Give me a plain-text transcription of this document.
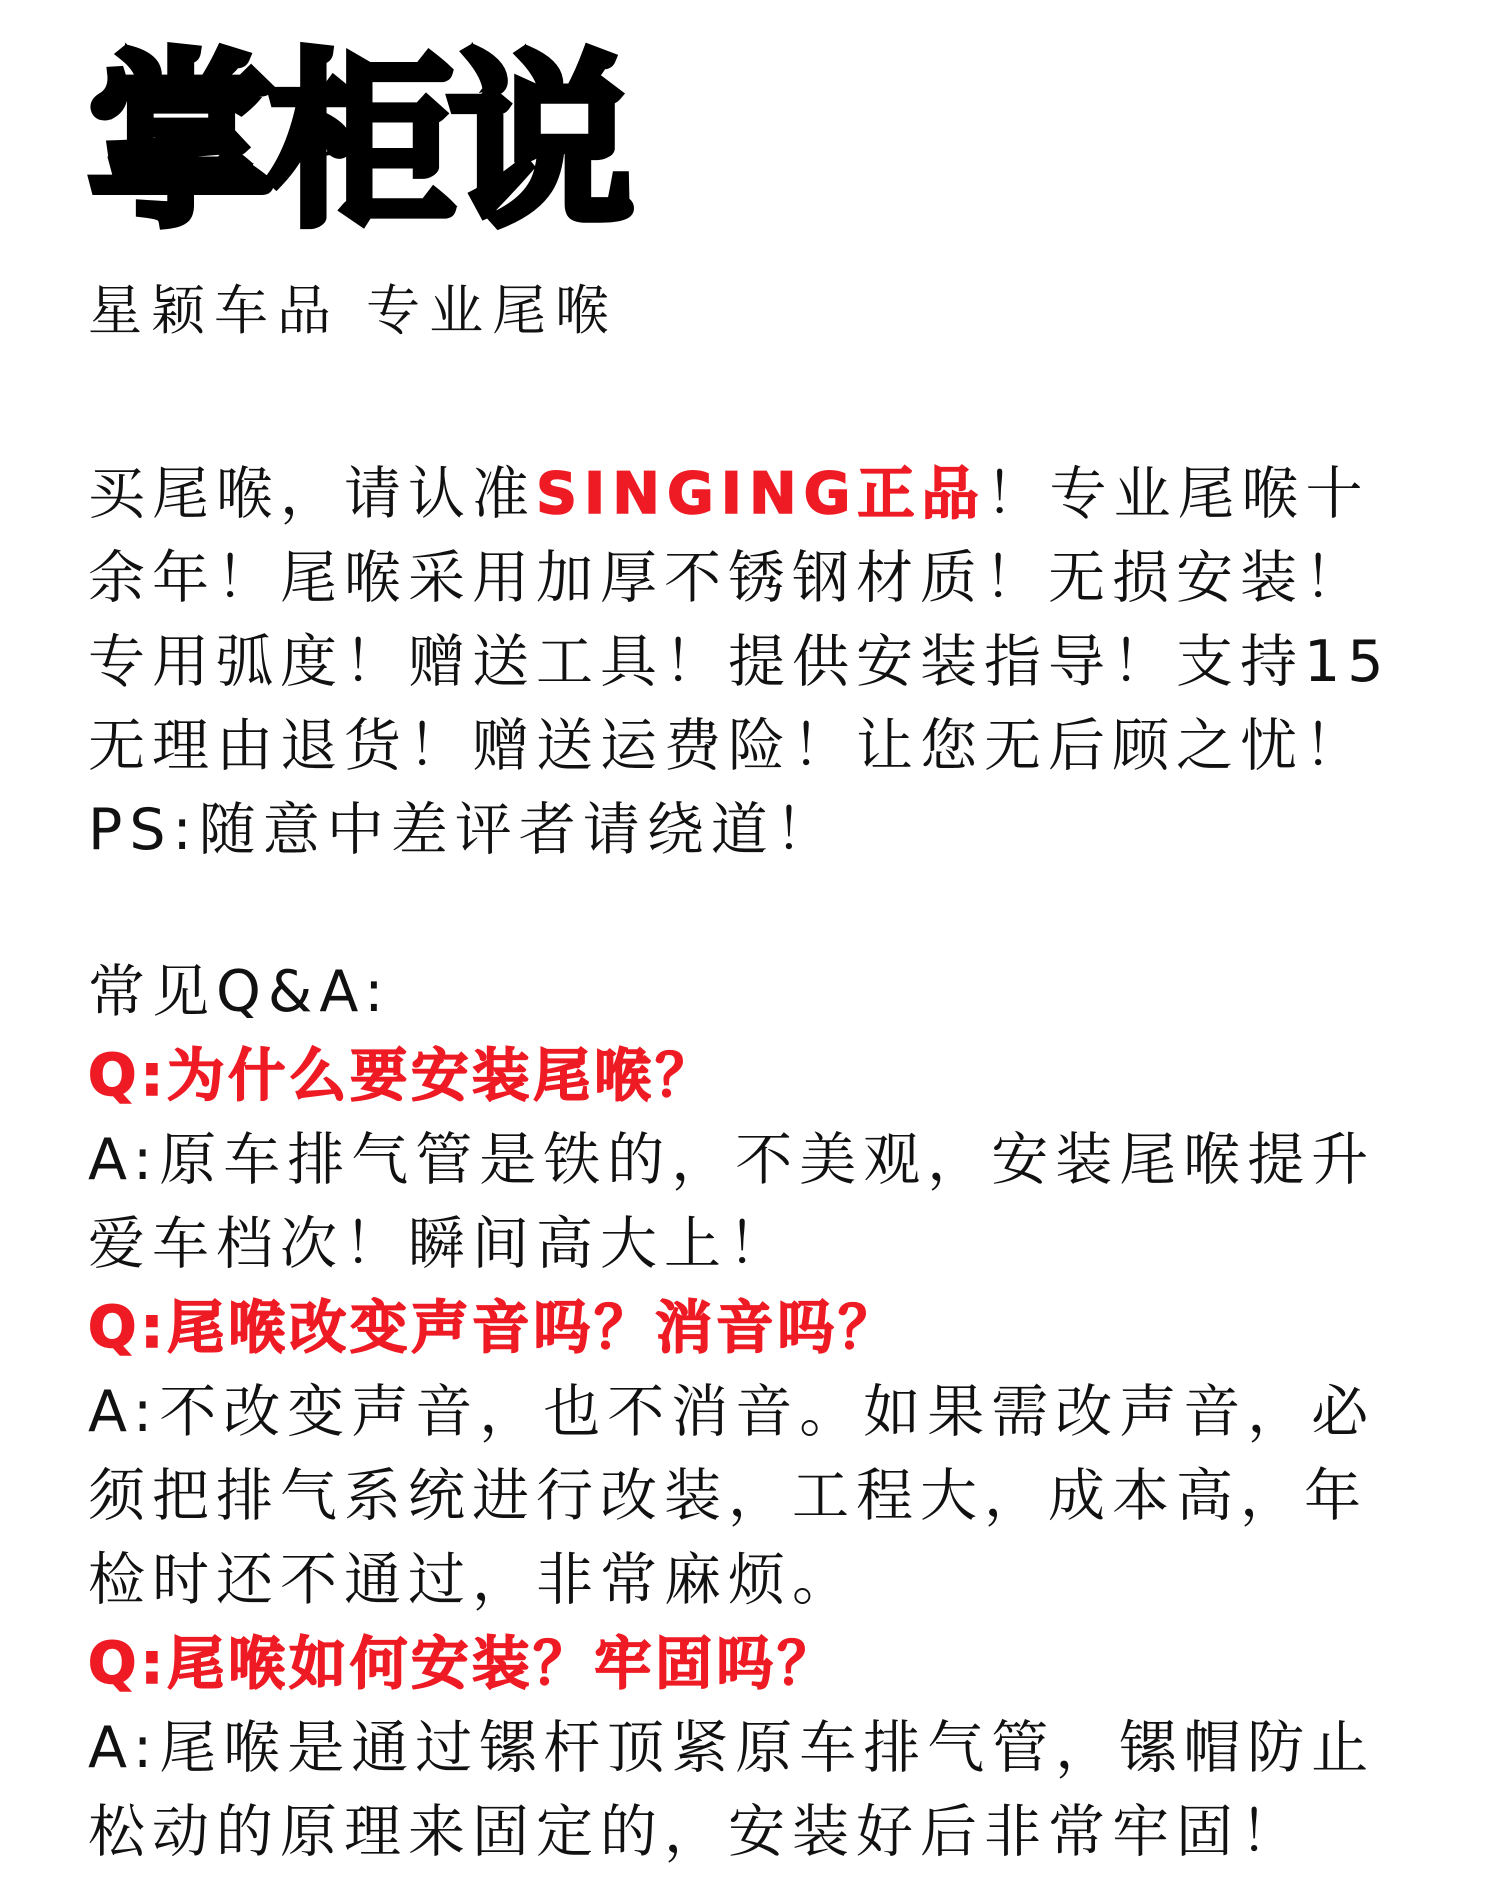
掌柜说
星颖车品 专业尾喉
买尾喉，请认准SINGING正品！专业尾喉十
余年！尾喉采用加厚不锈钢材质！无损安装！
专用弧度！赠送工具！提供安装指导！支持15
无理由退货！赠送运费险！让您无后顾之忧！
PS:随意中差评者请绕道！
常见Q&A:
Q:为什么要安装尾喉？
A:原车排气管是铁的，不美观，安装尾喉提升
爱车档次！瞬间高大上！
Q:尾喉改变声音吗？消音吗？
A:不改变声音，也不消音。如果需改声音，必
须把排气系统进行改装，工程大，成本高，年
检时还不通过，非常麻烦。
Q:尾喉如何安装？牢固吗？
A:尾喉是通过镙杆顶紧原车排气管，镙帽防止
松动的原理来固定的，安装好后非常牢固！
